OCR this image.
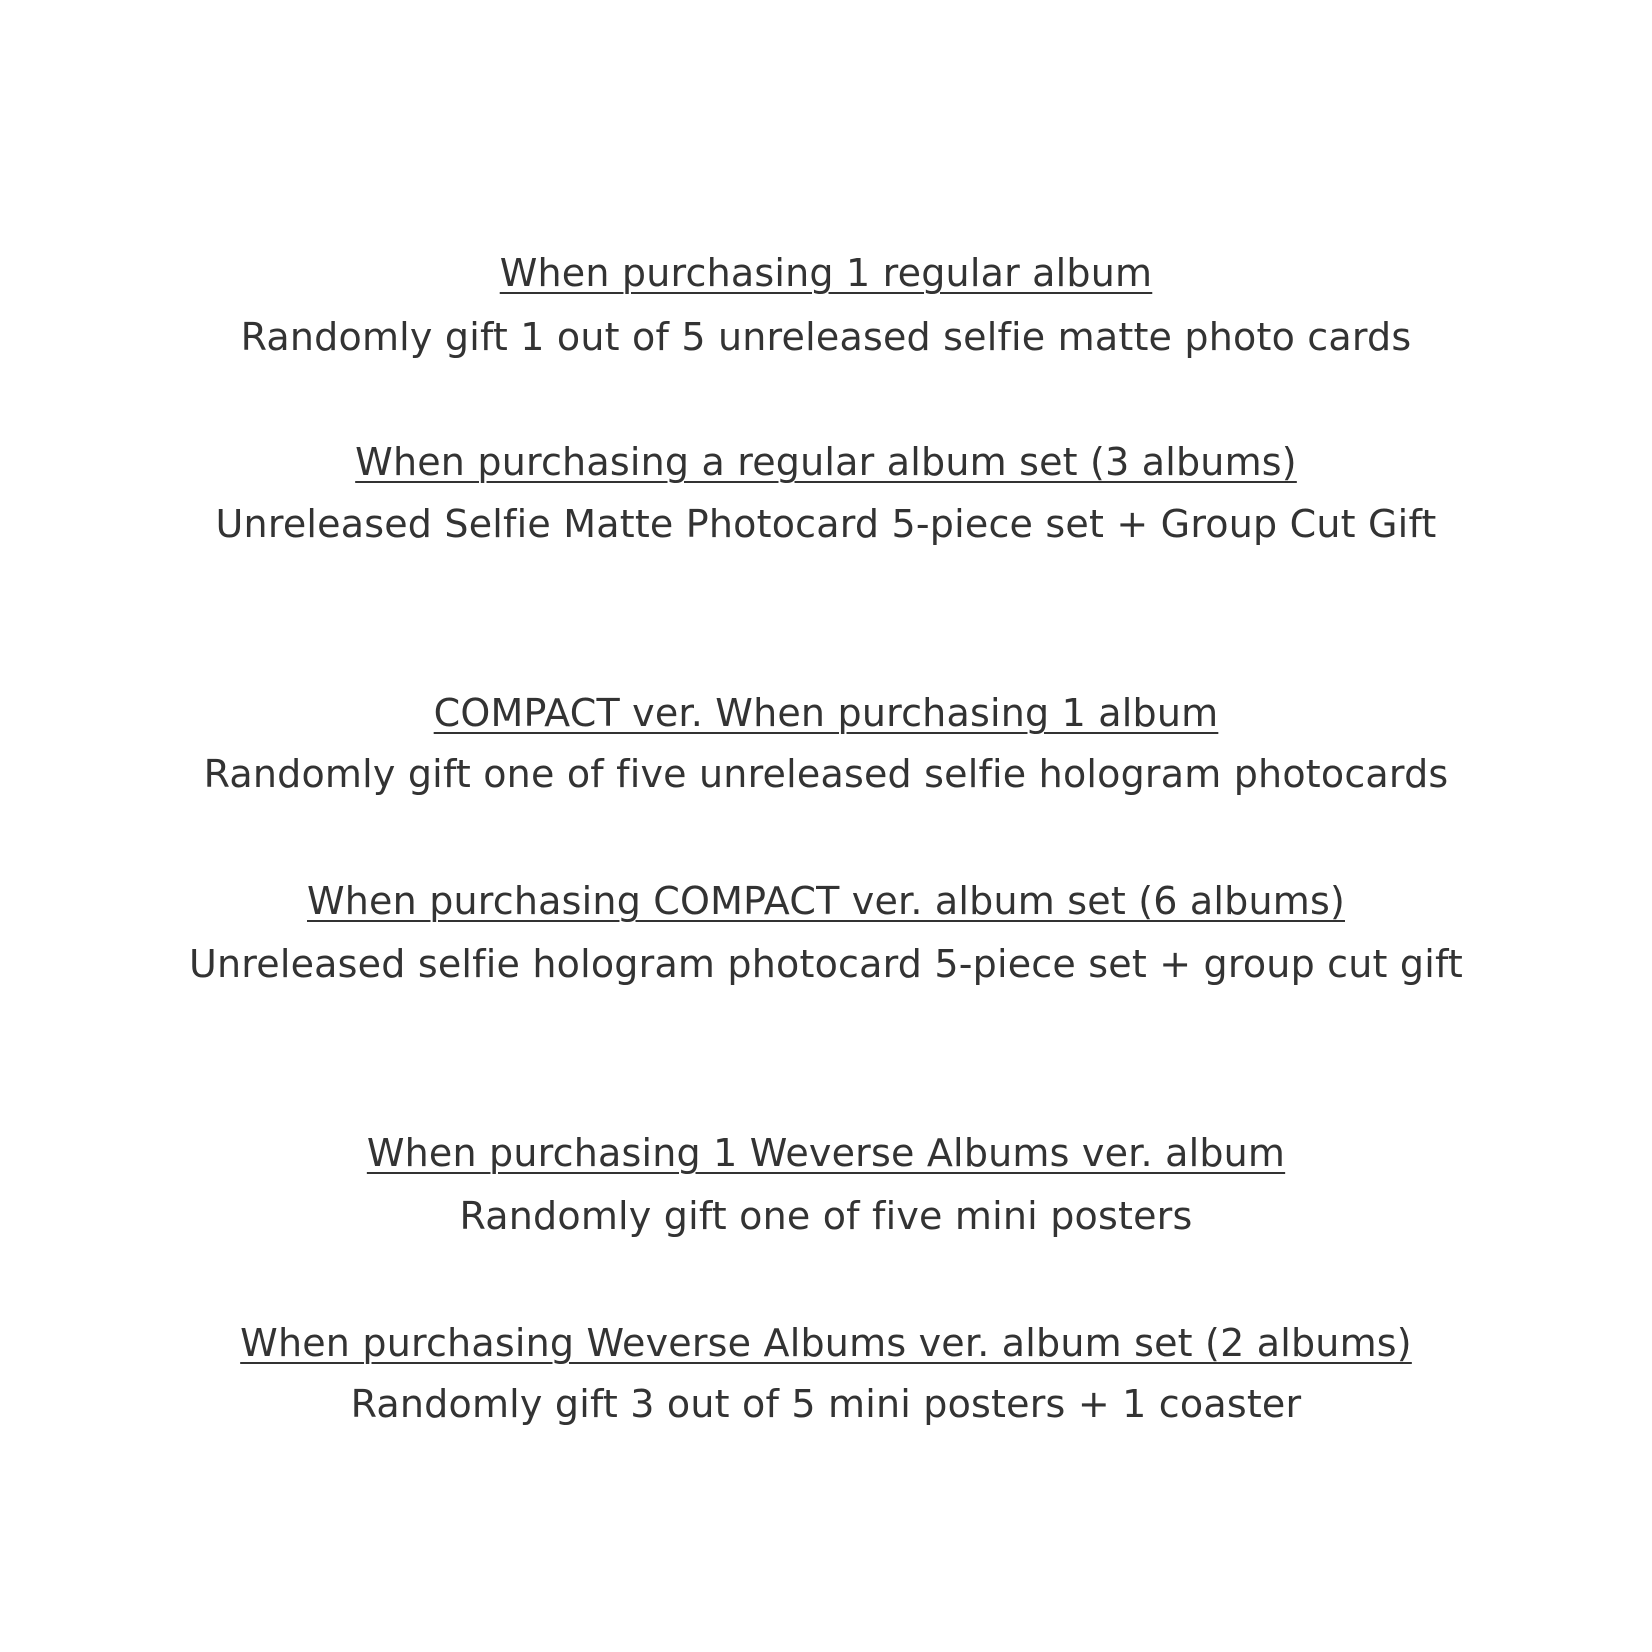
When purchasing 1 regular album
Randomly gift 1 out of 5 unreleased selfie matte photo cards
When purchasing a regular album set (3 albums)
Unreleased Selfie Matte Photocard 5-piece set + Group Cut Gift
COMPACT ver. When purchasing 1 album
Randomly gift one of five unreleased selfie hologram photocards
When purchasing COMPACT ver. album set (6 albums)
Unreleased selfie hologram photocard 5-piece set + group cut gift
When purchasing 1 Weverse Albums ver. album
Randomly gift one of five mini posters
When purchasing Weverse Albums ver. album set (2 albums)
Randomly gift 3 out of 5 mini posters + 1 coaster
